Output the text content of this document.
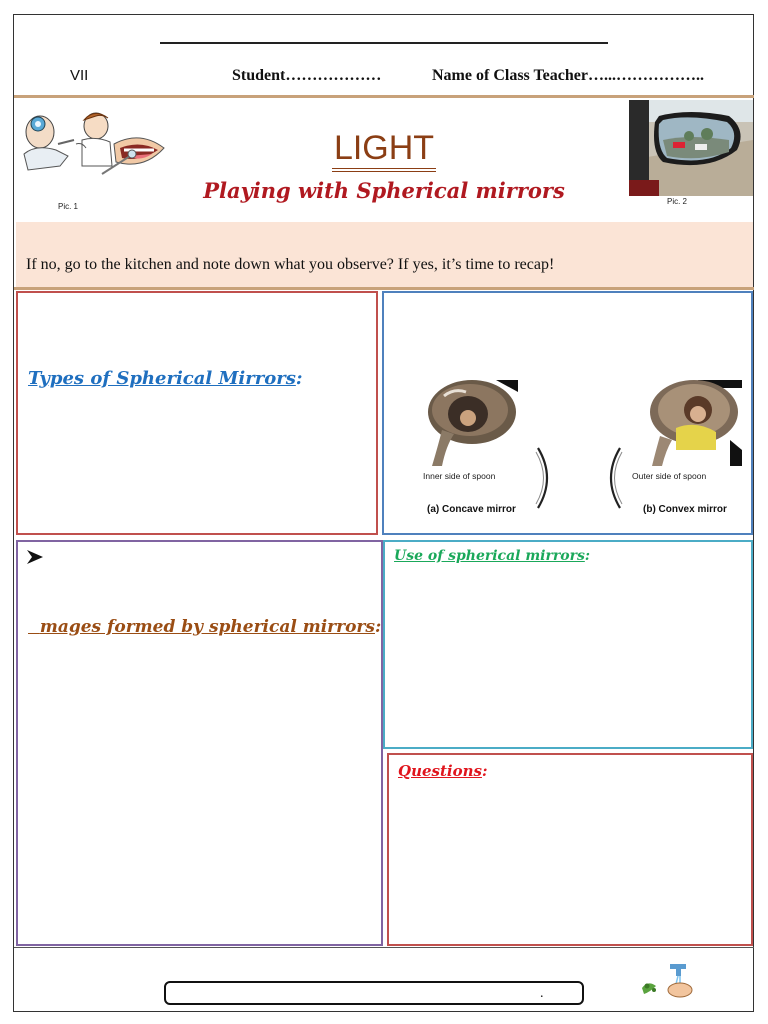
VII	Student………………	Name of Class Teacher…...……………..
Pic. 1
Pic. 2
LIGHT
Playing with Spherical mirrors
If no, go to the kitchen and note down what you observe? If yes, it’s time to recap!
Types of Spherical Mirrors:
Inner side of spoon	Outer side of spoon
(a) Concave mirror	(b) Convex mirror
mages formed by spherical mirrors:
Use of spherical mirrors:
Questions:
.
